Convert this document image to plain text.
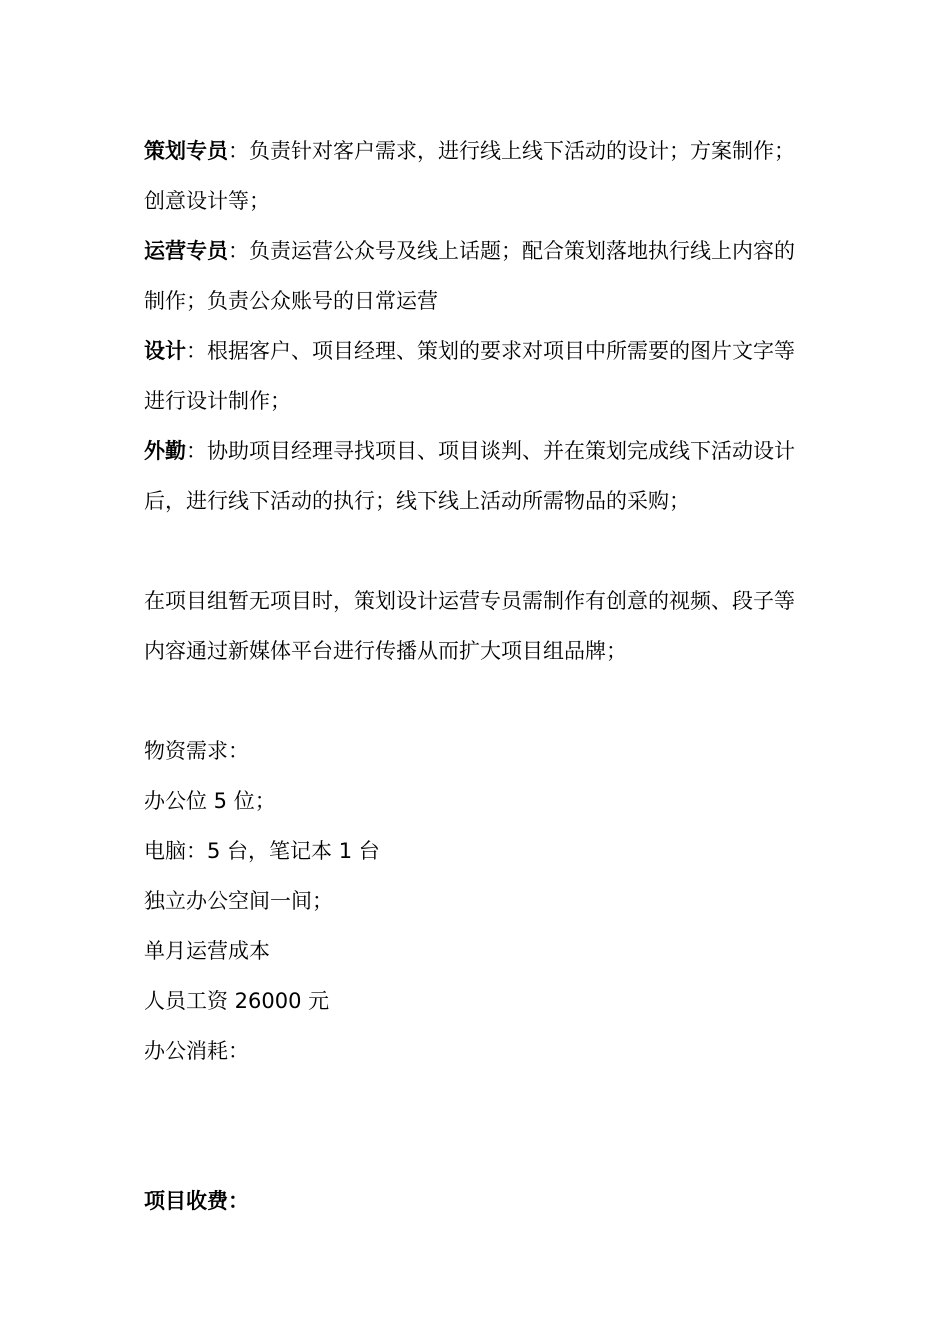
策划专员：负责针对客户需求，进行线上线下活动的设计；方案制作；创意设计等；

运营专员：负责运营公众号及线上话题；配合策划落地执行线上内容的制作；负责公众账号的日常运营

设计：根据客户、项目经理、策划的要求对项目中所需要的图片文字等进行设计制作；

外勤：协助项目经理寻找项目、项目谈判、并在策划完成线下活动设计后，进行线下活动的执行；线下线上活动所需物品的采购；

在项目组暂无项目时，策划设计运营专员需制作有创意的视频、段子等内容通过新媒体平台进行传播从而扩大项目组品牌；

物资需求：

办公位 5 位；

电脑：5 台，笔记本 1 台

独立办公空间一间；

单月运营成本

人员工资 26000 元

办公消耗：

项目收费：
